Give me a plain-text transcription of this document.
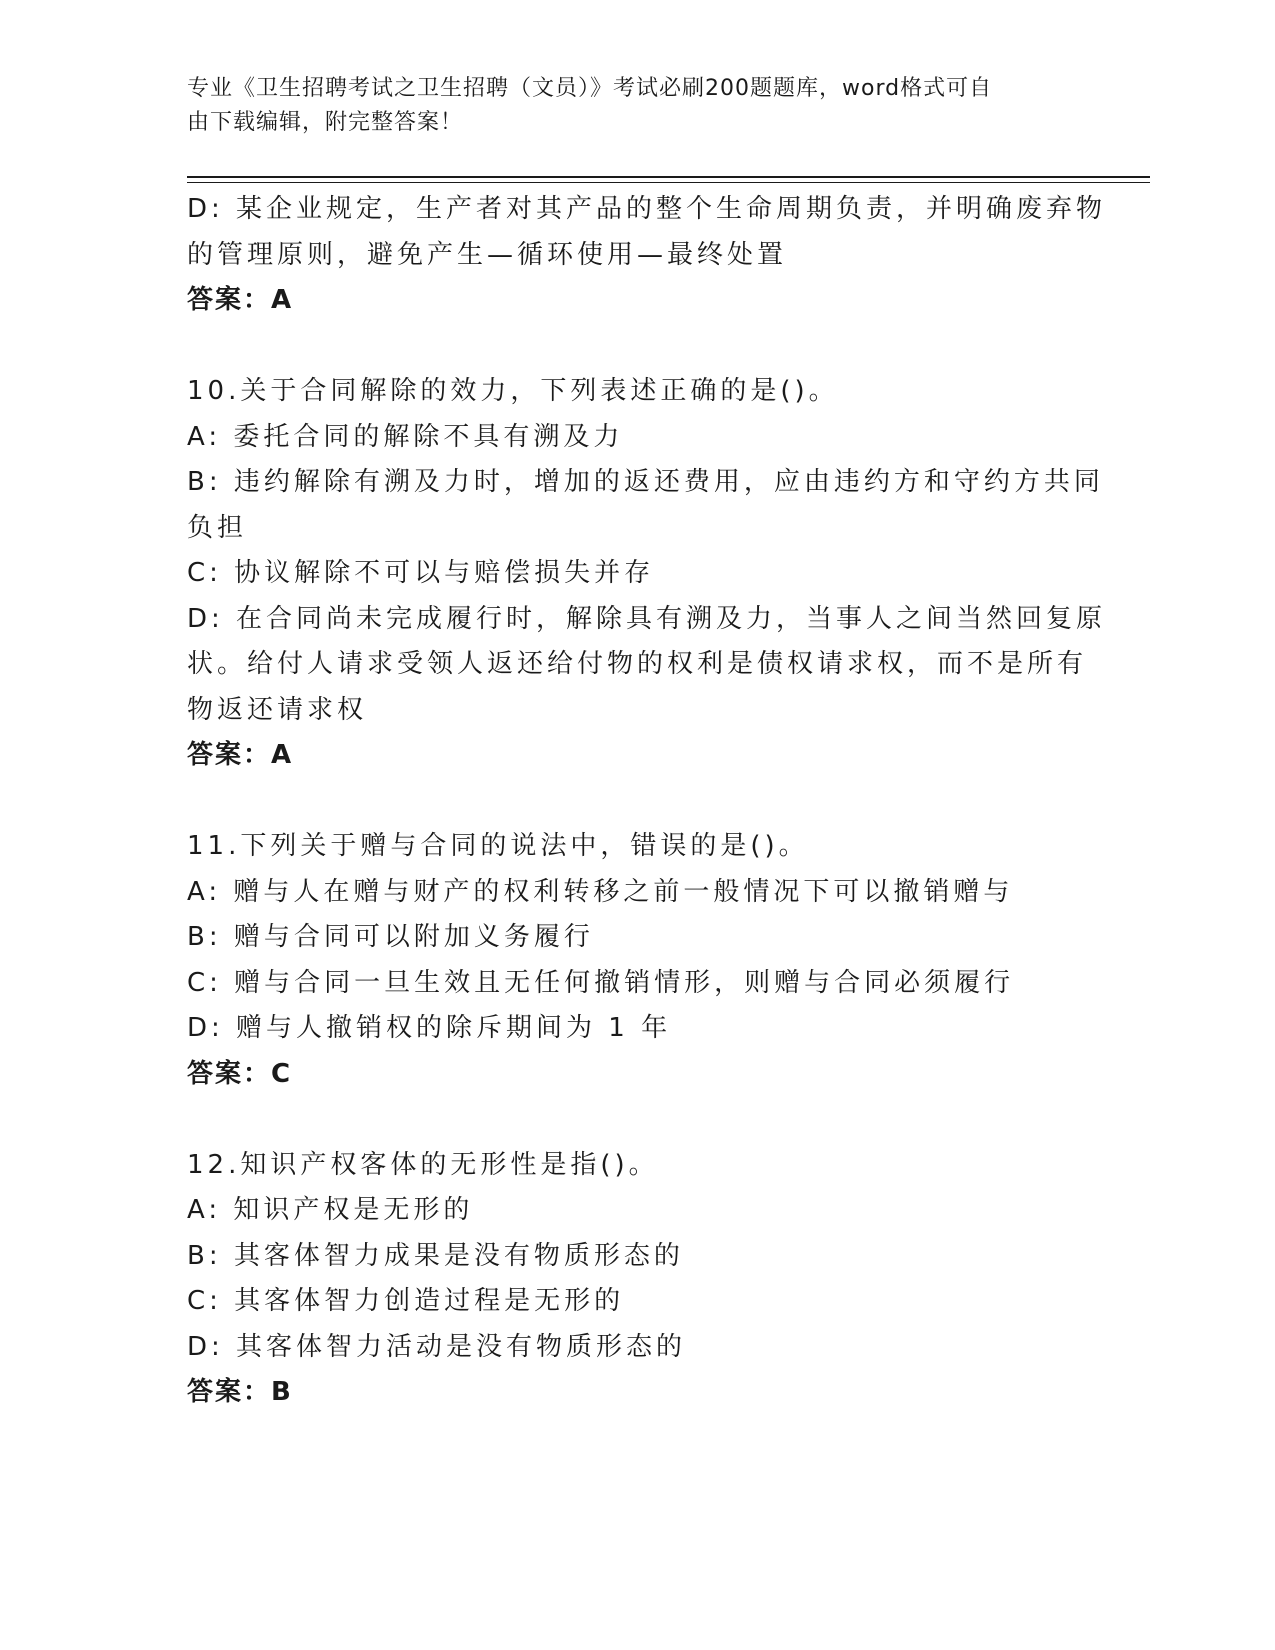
专业《卫生招聘考试之卫生招聘（文员）》考试必刷200题题库，word格式可自
由下载编辑，附完整答案！
D: 某企业规定，生产者对其产品的整个生命周期负责，并明确废弃物
的管理原则，避免产生—循环使用—最终处置
答案：A
10.关于合同解除的效力，下列表述正确的是()。
A: 委托合同的解除不具有溯及力
B: 违约解除有溯及力时，增加的返还费用，应由违约方和守约方共同
负担
C: 协议解除不可以与赔偿损失并存
D: 在合同尚未完成履行时，解除具有溯及力，当事人之间当然回复原
状。给付人请求受领人返还给付物的权利是债权请求权，而不是所有
物返还请求权
答案：A
11.下列关于赠与合同的说法中，错误的是()。
A: 赠与人在赠与财产的权利转移之前一般情况下可以撤销赠与
B: 赠与合同可以附加义务履行
C: 赠与合同一旦生效且无任何撤销情形，则赠与合同必须履行
D: 赠与人撤销权的除斥期间为 1 年
答案：C
12.知识产权客体的无形性是指()。
A: 知识产权是无形的
B: 其客体智力成果是没有物质形态的
C: 其客体智力创造过程是无形的
D: 其客体智力活动是没有物质形态的
答案：B
